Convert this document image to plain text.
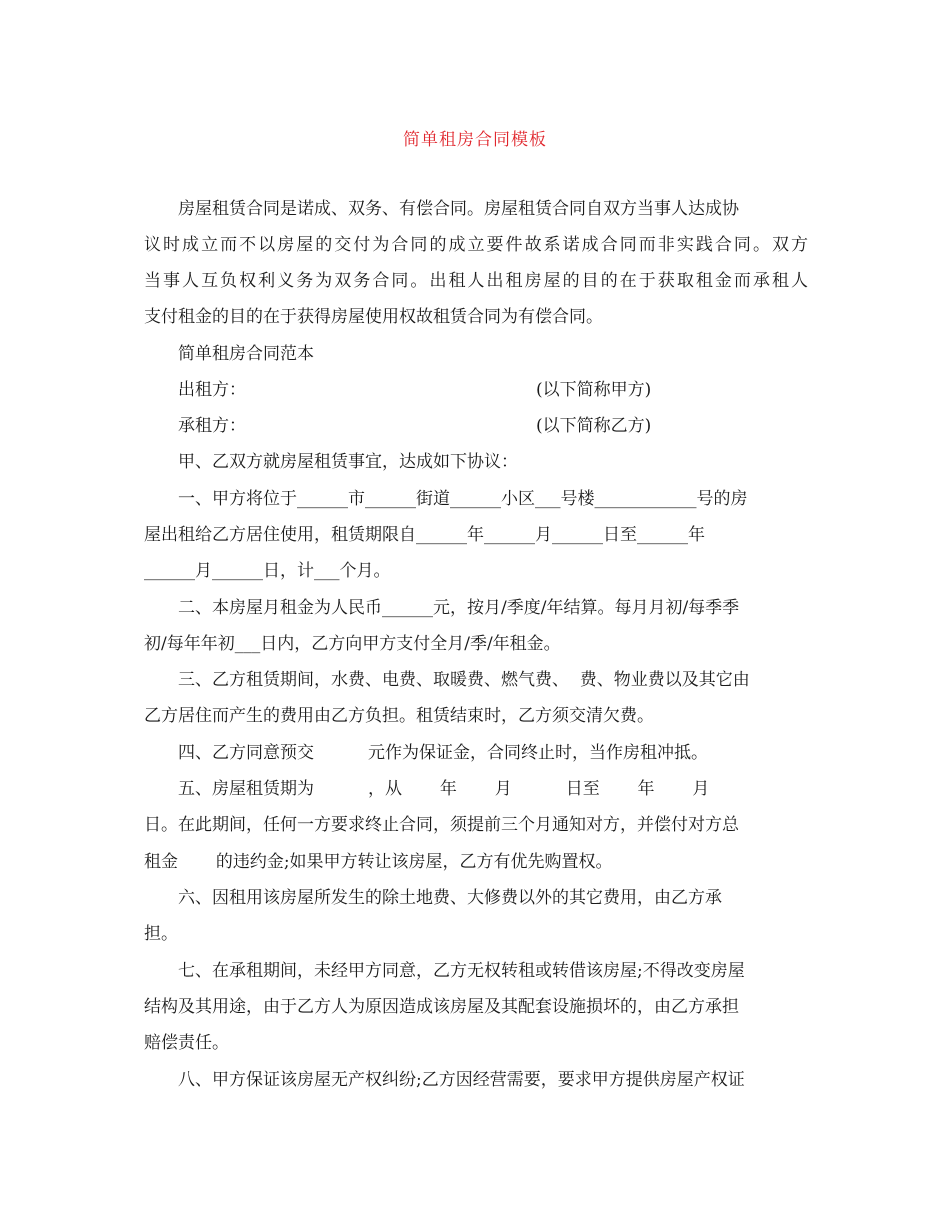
简单租房合同模板
房屋租赁合同是诺成、双务、有偿合同。房屋租赁合同自双方当事人达成协
议时成立而不以房屋的交付为合同的成立要件故系诺成合同而非实践合同。双方
当事人互负权利义务为双务合同。出租人出租房屋的目的在于获取租金而承租人
支付租金的目的在于获得房屋使用权故租赁合同为有偿合同。
简单租房合同范本
出租方：	(以下简称甲方)
承租方：	(以下简称乙方)
甲、乙双方就房屋租赁事宜，达成如下协议：
一、甲方将位于______市______街道______小区___号楼____________号的房
屋出租给乙方居住使用，租赁期限自______年______月______日至______年
______月______日，计___个月。
二、本房屋月租金为人民币______元，按月/季度/年结算。每月月初/每季季
初/每年年初___日内，乙方向甲方支付全月/季/年租金。
三、乙方租赁期间，水费、电费、取暖费、燃气费、  费、物业费以及其它由
乙方居住而产生的费用由乙方负担。租赁结束时，乙方须交清欠费。
四、乙方同意预交          元作为保证金，合同终止时，当作房租冲抵。
五、房屋租赁期为          ，从       年       月          日至       年       月
日。在此期间，任何一方要求终止合同，须提前三个月通知对方，并偿付对方总
租金       的违约金;如果甲方转让该房屋，乙方有优先购置权。
六、因租用该房屋所发生的除土地费、大修费以外的其它费用，由乙方承
担。
七、在承租期间，未经甲方同意，乙方无权转租或转借该房屋;不得改变房屋
结构及其用途，由于乙方人为原因造成该房屋及其配套设施损坏的，由乙方承担
赔偿责任。
八、甲方保证该房屋无产权纠纷;乙方因经营需要，要求甲方提供房屋产权证
